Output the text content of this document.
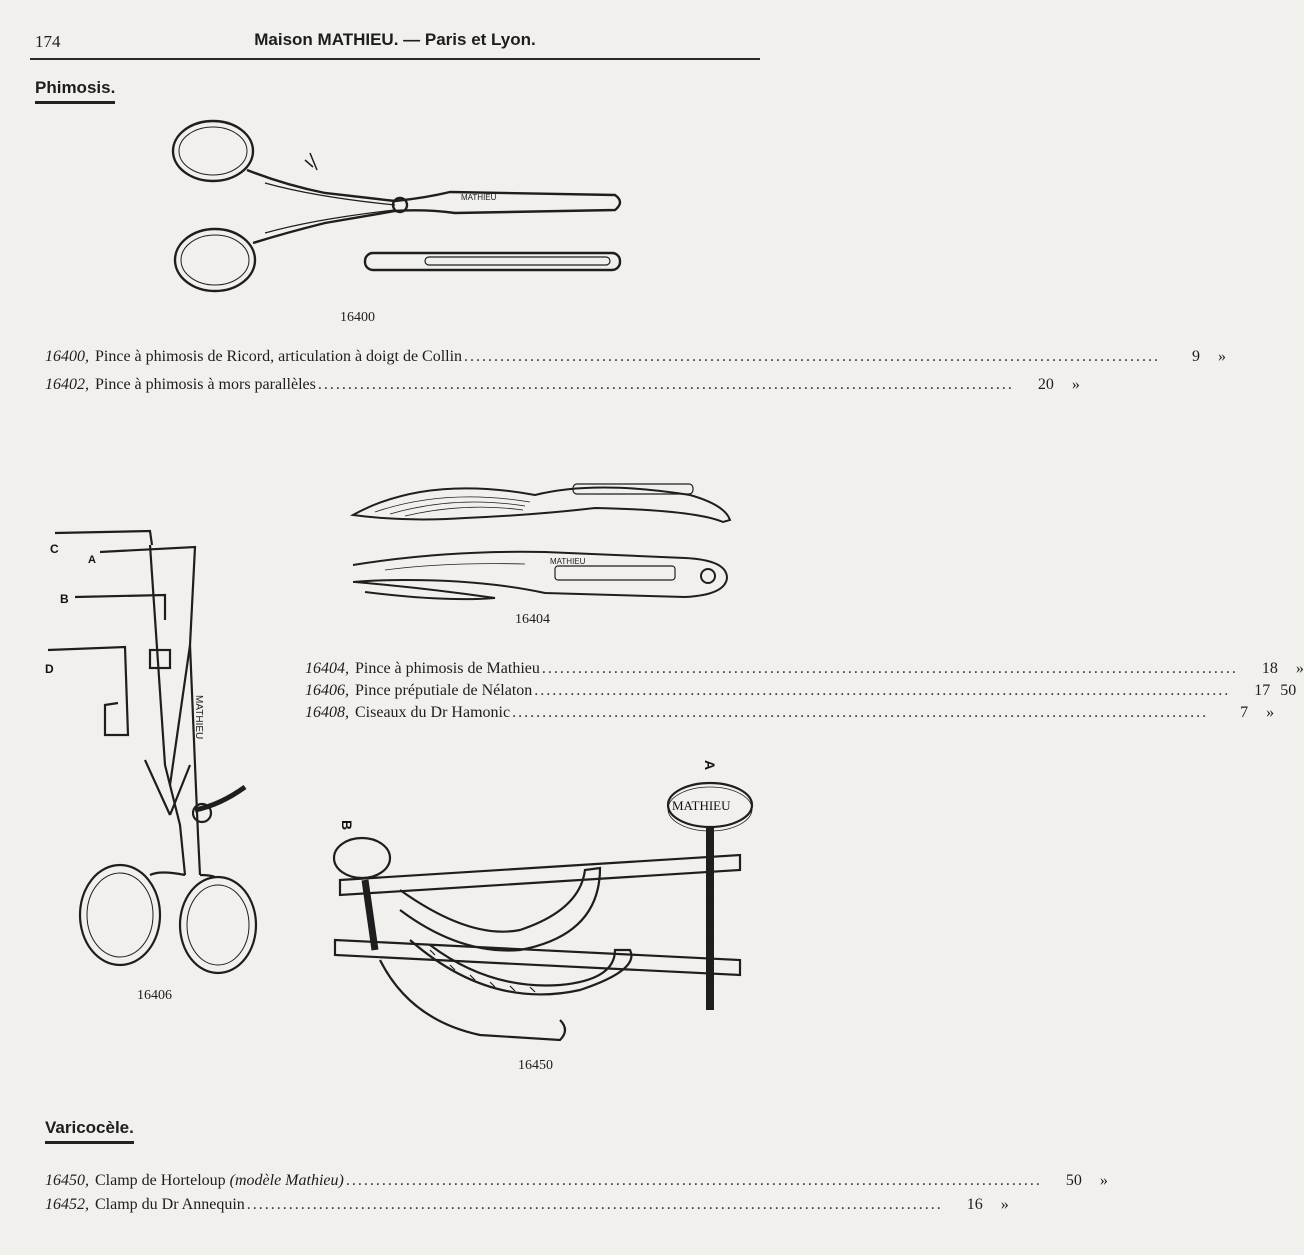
174	Maison MATHIEU. — Paris et Lyon.
Phimosis.
MATHIEU
16400
16400, Pince à phimosis de Ricord, articulation à doigt de Collin ....................................................................................................................	9	»
16402, Pince à phimosis à mors parallèles ....................................................................................................................	20	»
MATHIEU
16404
C
A
B
D
MATHIEU
16406
16404, Pince à phimosis de Mathieu ....................................................................................................................	18	»
16406, Pince préputiale de Nélaton ....................................................................................................................	17 50
16408, Ciseaux du Dr Hamonic ....................................................................................................................	7	»
MATHIEU
A
B
16450
Varicocèle.
16450, Clamp de Horteloup (modèle Mathieu) ....................................................................................................................	50	»
16452, Clamp du Dr Annequin ....................................................................................................................	16	»
